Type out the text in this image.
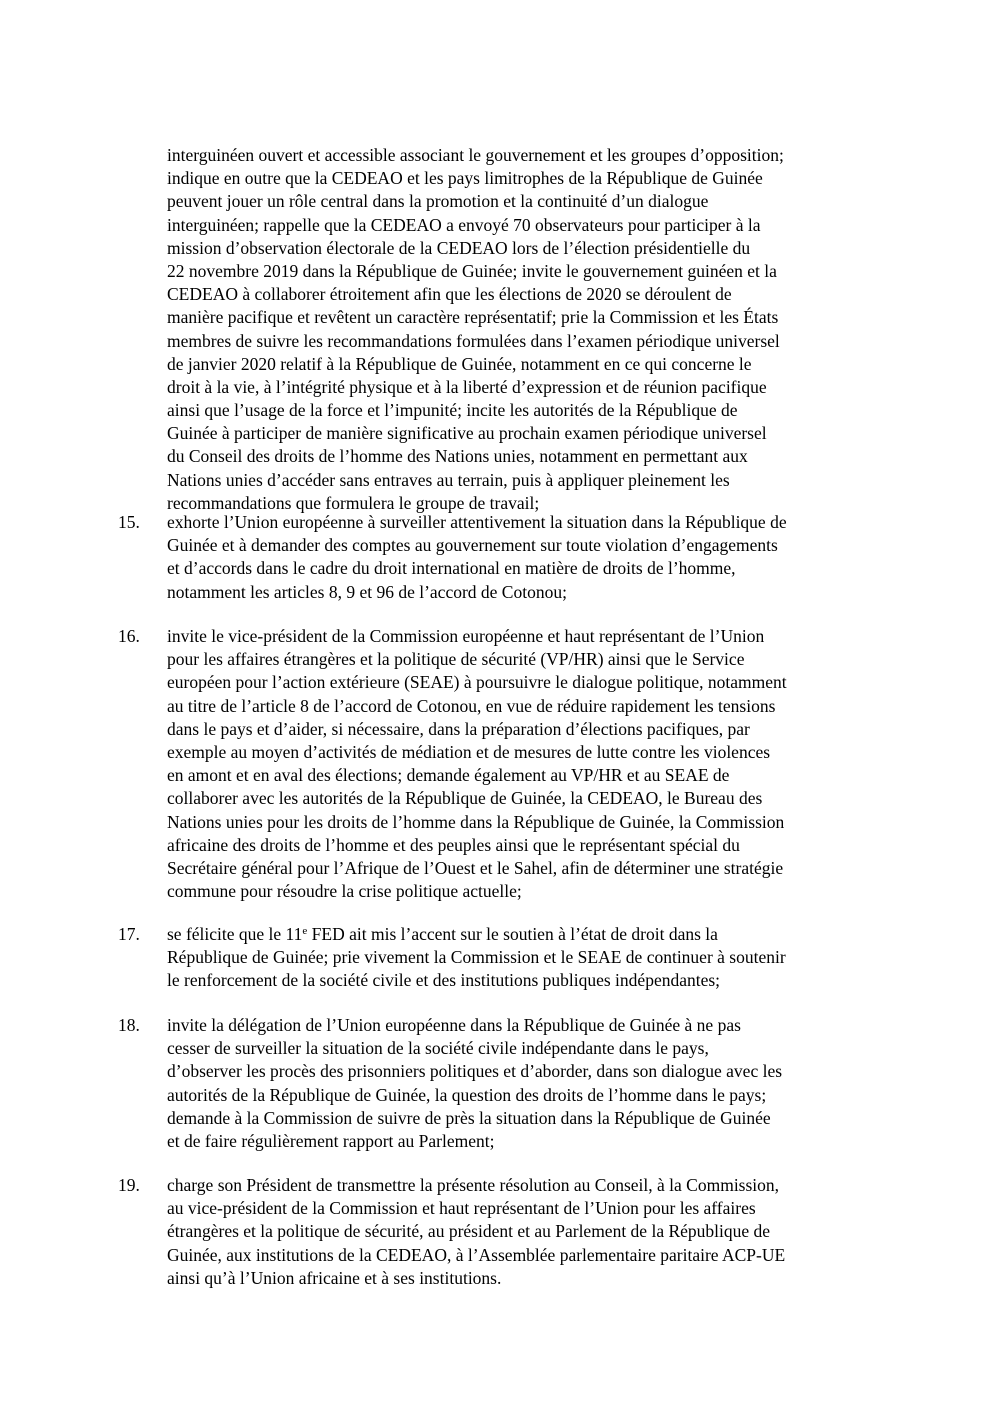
interguinéen ouvert et accessible associant le gouvernement et les groupes d’opposition;
indique en outre que la CEDEAO et les pays limitrophes de la République de Guinée
peuvent jouer un rôle central dans la promotion et la continuité d’un dialogue
interguinéen; rappelle que la CEDEAO a envoyé 70 observateurs pour participer à la
mission d’observation électorale de la CEDEAO lors de l’élection présidentielle du
22 novembre 2019 dans la République de Guinée; invite le gouvernement guinéen et la
CEDEAO à collaborer étroitement afin que les élections de 2020 se déroulent de
manière pacifique et revêtent un caractère représentatif; prie la Commission et les États
membres de suivre les recommandations formulées dans l’examen périodique universel
de janvier 2020 relatif à la République de Guinée, notamment en ce qui concerne le
droit à la vie, à l’intégrité physique et à la liberté d’expression et de réunion pacifique
ainsi que l’usage de la force et l’impunité; incite les autorités de la République de
Guinée à participer de manière significative au prochain examen périodique universel
du Conseil des droits de l’homme des Nations unies, notamment en permettant aux
Nations unies d’accéder sans entraves au terrain, puis à appliquer pleinement les
recommandations que formulera le groupe de travail;
15. exhorte l’Union européenne à surveiller attentivement la situation dans la République de
Guinée et à demander des comptes au gouvernement sur toute violation d’engagements
et d’accords dans le cadre du droit international en matière de droits de l’homme,
notamment les articles 8, 9 et 96 de l’accord de Cotonou;
16. invite le vice-président de la Commission européenne et haut représentant de l’Union
pour les affaires étrangères et la politique de sécurité (VP/HR) ainsi que le Service
européen pour l’action extérieure (SEAE) à poursuivre le dialogue politique, notamment
au titre de l’article 8 de l’accord de Cotonou, en vue de réduire rapidement les tensions
dans le pays et d’aider, si nécessaire, dans la préparation d’élections pacifiques, par
exemple au moyen d’activités de médiation et de mesures de lutte contre les violences
en amont et en aval des élections; demande également au VP/HR et au SEAE de
collaborer avec les autorités de la République de Guinée, la CEDEAO, le Bureau des
Nations unies pour les droits de l’homme dans la République de Guinée, la Commission
africaine des droits de l’homme et des peuples ainsi que le représentant spécial du
Secrétaire général pour l’Afrique de l’Ouest et le Sahel, afin de déterminer une stratégie
commune pour résoudre la crise politique actuelle;
17. se félicite que le 11e FED ait mis l’accent sur le soutien à l’état de droit dans la
République de Guinée; prie vivement la Commission et le SEAE de continuer à soutenir
le renforcement de la société civile et des institutions publiques indépendantes;
18. invite la délégation de l’Union européenne dans la République de Guinée à ne pas
cesser de surveiller la situation de la société civile indépendante dans le pays,
d’observer les procès des prisonniers politiques et d’aborder, dans son dialogue avec les
autorités de la République de Guinée, la question des droits de l’homme dans le pays;
demande à la Commission de suivre de près la situation dans la République de Guinée
et de faire régulièrement rapport au Parlement;
19. charge son Président de transmettre la présente résolution au Conseil, à la Commission,
au vice-président de la Commission et haut représentant de l’Union pour les affaires
étrangères et la politique de sécurité, au président et au Parlement de la République de
Guinée, aux institutions de la CEDEAO, à l’Assemblée parlementaire paritaire ACP-UE
ainsi qu’à l’Union africaine et à ses institutions.
